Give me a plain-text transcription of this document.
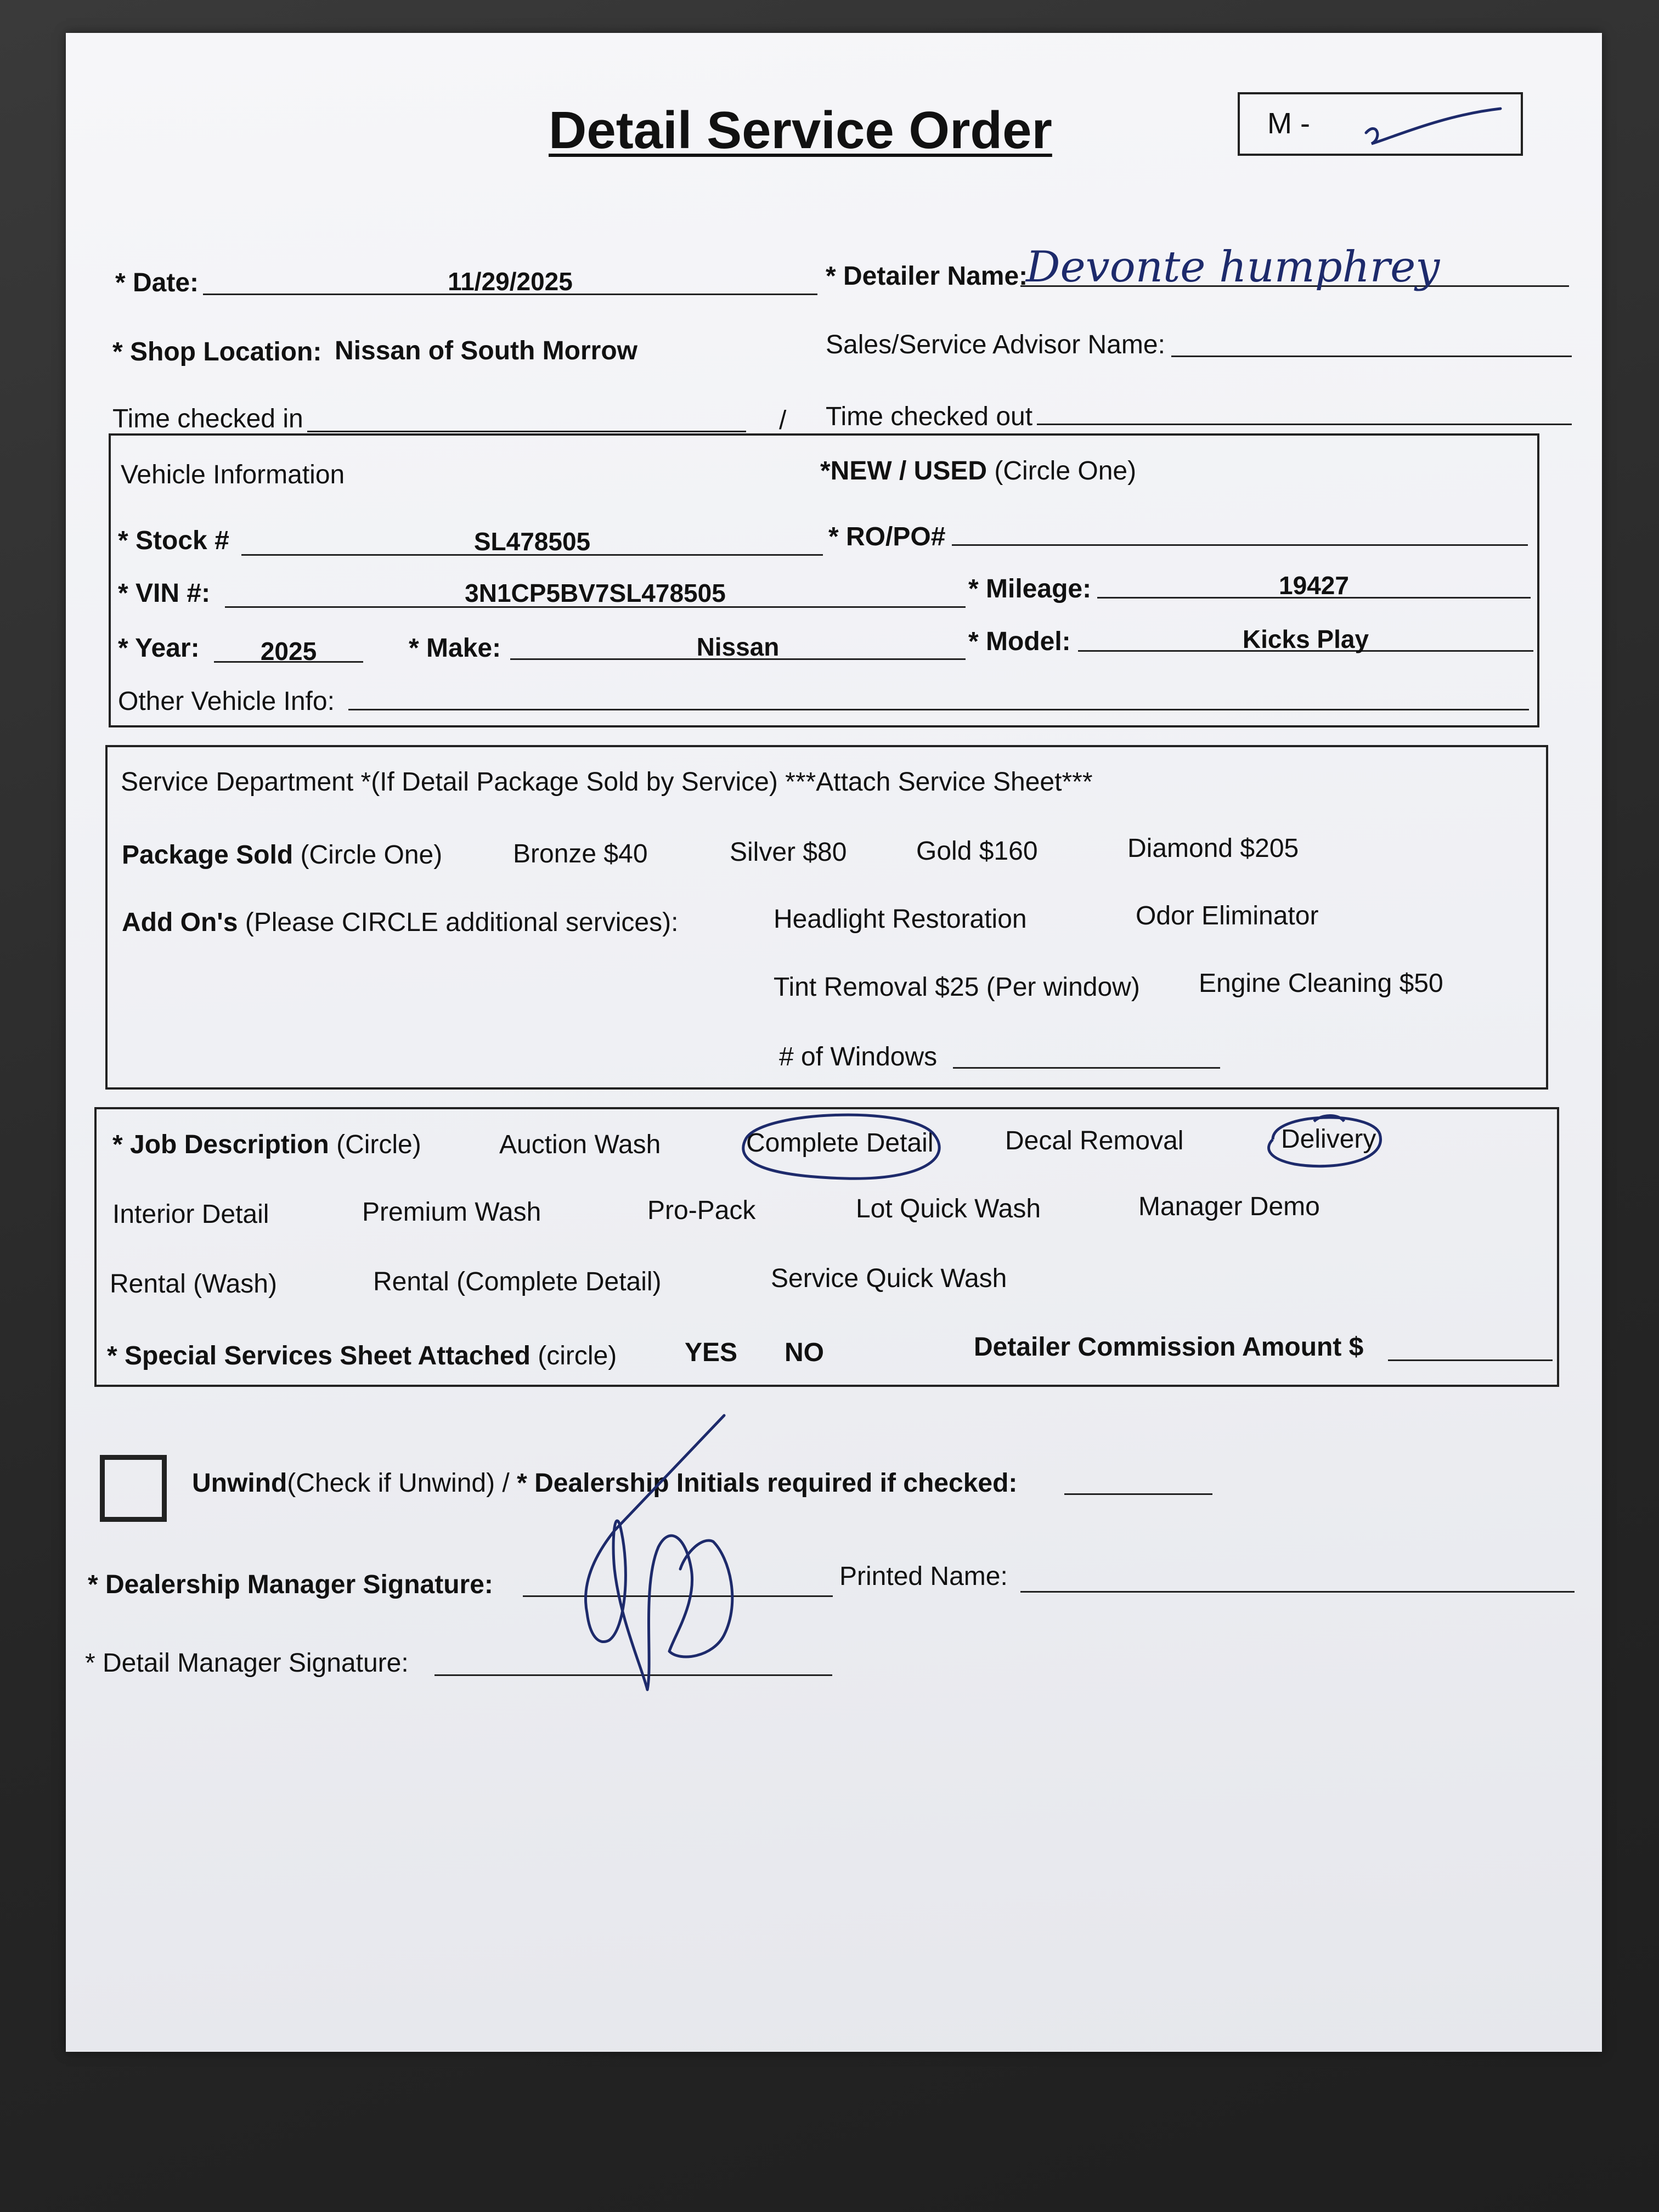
Detail Service Order	M -
* Date:	11/29/2025	* Detailer Name:
Devonte humphrey
* Shop Location: Nissan of South Morrow	Sales/Service Advisor Name:
Time checked in	/ Time checked out
Vehicle Information	*NEW / USED (Circle One)
* Stock #	SL478505	* RO/PO#
* VIN #:	3N1CP5BV7SL478505	* Mileage:	19427
* Year:	2025	* Make:	Nissan	* Model:	Kicks Play
Other Vehicle Info:
Service Department *(If Detail Package Sold by Service) ***Attach Service Sheet***
Package Sold (Circle One)	Bronze $40	Silver $80	Gold $160	Diamond $205
Add On's (Please CIRCLE additional services):	Headlight Restoration	Odor Eliminator
Tint Removal $25 (Per window) Engine Cleaning $50
# of Windows
* Job Description (Circle)	Auction Wash	Complete Detail	Decal Removal	Delivery
Interior Detail	Premium Wash	Pro-Pack	Lot Quick Wash	Manager Demo
Rental (Wash)	Rental (Complete Detail)	Service Quick Wash
* Special Services Sheet Attached (circle)	YES NO	Detailer Commission Amount $
Unwind(Check if Unwind) / * Dealership Initials required if checked:
* Dealership Manager Signature:	Printed Name:
* Detail Manager Signature:
